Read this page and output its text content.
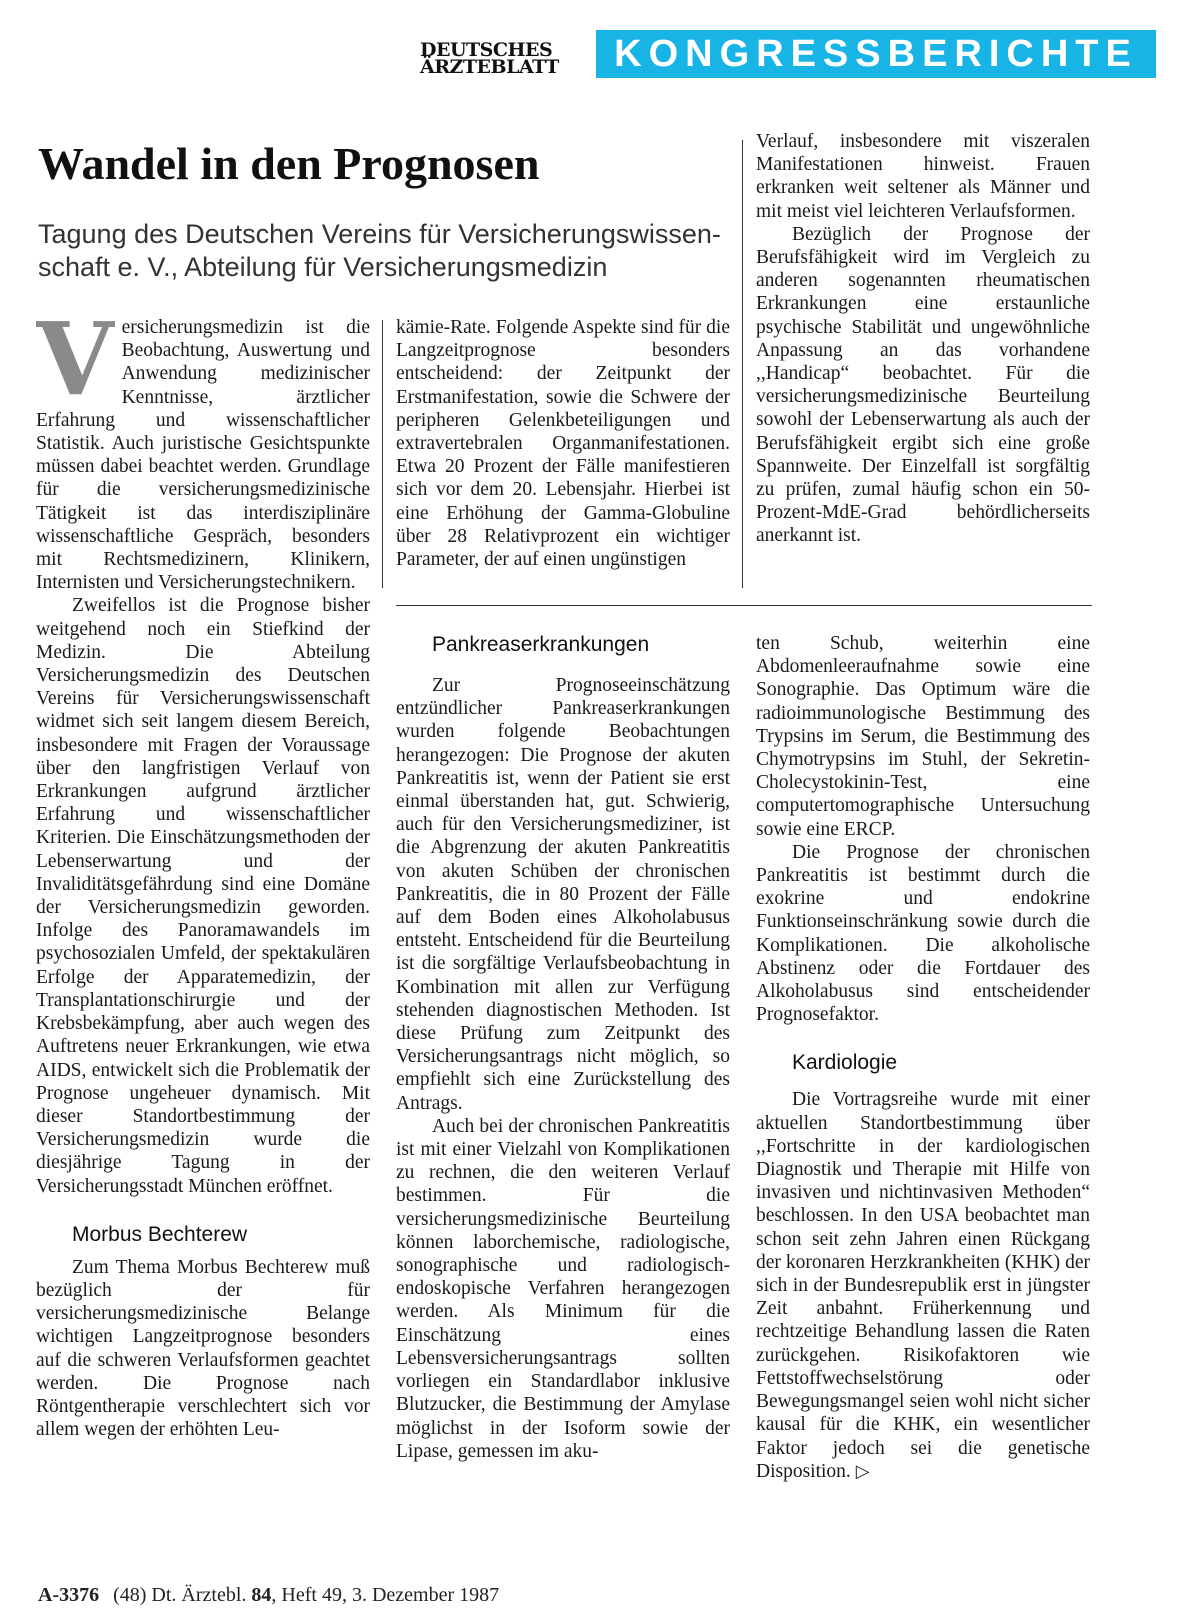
DEUTSCHES
ÄRZTEBLATT	KONGRESSBERICHTE
Wandel in den Prognosen
Tagung des Deutschen Vereins für Versicherungswissen-schaft e. V., Abteilung für Versicherungsmedizin

Versicherungsmedizin ist die Beobachtung, Auswertung und Anwendung medizinischer Kenntnisse, ärztlicher Erfahrung und wissenschaftlicher Statistik. Auch juristische Gesichtspunkte müssen dabei beachtet werden. Grundlage für die versicherungsmedizinische Tätigkeit ist das interdisziplinäre wissenschaftliche Gespräch, besonders mit Rechtsmedizinern, Klinikern, Internisten und Versicherungstechnikern.

Zweifellos ist die Prognose bisher weitgehend noch ein Stiefkind der Medizin. Die Abteilung Versicherungsmedizin des Deutschen Vereins für Versicherungswissenschaft widmet sich seit langem diesem Bereich, insbesondere mit Fragen der Voraussage über den langfristigen Verlauf von Erkrankungen aufgrund ärztlicher Erfahrung und wissenschaftlicher Kriterien. Die Einschätzungsmethoden der Lebenserwartung und der Invaliditätsgefährdung sind eine Domäne der Versicherungsmedizin geworden. Infolge des Panoramawandels im psychosozialen Umfeld, der spektakulären Erfolge der Apparatemedizin, der Transplantationschirurgie und der Krebsbekämpfung, aber auch wegen des Auftretens neuer Erkrankungen, wie etwa AIDS, entwickelt sich die Problematik der Prognose ungeheuer dynamisch. Mit dieser Standortbestimmung der Versicherungsmedizin wurde die diesjährige Tagung in der Versicherungsstadt München eröffnet.

Morbus Bechterew

Zum Thema Morbus Bechterew muß bezüglich der für versicherungsmedizinische Belange wichtigen Langzeitprognose besonders auf die schweren Verlaufsformen geachtet werden. Die Prognose nach Röntgentherapie verschlechtert sich vor allem wegen der erhöhten Leu-

kämie-Rate. Folgende Aspekte sind für die Langzeitprognose besonders entscheidend: der Zeitpunkt der Erstmanifestation, sowie die Schwere der peripheren Gelenkbeteiligungen und extravertebralen Organmanifestationen. Etwa 20 Prozent der Fälle manifestieren sich vor dem 20. Lebensjahr. Hierbei ist eine Erhöhung der Gamma-Globuline über 28 Relativprozent ein wichtiger Parameter, der auf einen ungünstigen

Verlauf, insbesondere mit viszeralen Manifestationen hinweist. Frauen erkranken weit seltener als Männer und mit meist viel leichteren Verlaufsformen.

Bezüglich der Prognose der Berufsfähigkeit wird im Vergleich zu anderen sogenannten rheumatischen Erkrankungen eine erstaunliche psychische Stabilität und ungewöhnliche Anpassung an das vorhandene ,,Handicap“ beobachtet. Für die versicherungsmedizinische Beurteilung sowohl der Lebenserwartung als auch der Berufsfähigkeit ergibt sich eine große Spannweite. Der Einzelfall ist sorgfältig zu prüfen, zumal häufig schon ein 50-Prozent-MdE-Grad behördlicherseits anerkannt ist.

Pankreaserkrankungen

Zur Prognoseeinschätzung entzündlicher Pankreaserkrankungen wurden folgende Beobachtungen herangezogen: Die Prognose der akuten Pankreatitis ist, wenn der Patient sie erst einmal überstanden hat, gut. Schwierig, auch für den Versicherungsmediziner, ist die Abgrenzung der akuten Pankreatitis von akuten Schüben der chronischen Pankreatitis, die in 80 Prozent der Fälle auf dem Boden eines Alkoholabusus entsteht. Entscheidend für die Beurteilung ist die sorgfältige Verlaufsbeobachtung in Kombination mit allen zur Verfügung stehenden diagnostischen Methoden. Ist diese Prüfung zum Zeitpunkt des Versicherungsantrags nicht möglich, so empfiehlt sich eine Zurückstellung des Antrags.

Auch bei der chronischen Pankreatitis ist mit einer Vielzahl von Komplikationen zu rechnen, die den weiteren Verlauf bestimmen. Für die versicherungsmedizinische Beurteilung können laborchemische, radiologische, sonographische und radiologisch-endoskopische Verfahren herangezogen werden. Als Minimum für die Einschätzung eines Lebensversicherungsantrags sollten vorliegen ein Standardlabor inklusive Blutzucker, die Bestimmung der Amylase möglichst in der Isoform sowie der Lipase, gemessen im aku-

ten Schub, weiterhin eine Abdomenleeraufnahme sowie eine Sonographie. Das Optimum wäre die radioimmunologische Bestimmung des Trypsins im Serum, die Bestimmung des Chymotrypsins im Stuhl, der Sekretin-Cholecystokinin-Test, eine computertomographische Untersuchung sowie eine ERCP.

Die Prognose der chronischen Pankreatitis ist bestimmt durch die exokrine und endokrine Funktionseinschränkung sowie durch die Komplikationen. Die alkoholische Abstinenz oder die Fortdauer des Alkoholabusus sind entscheidender Prognosefaktor.

Kardiologie

Die Vortragsreihe wurde mit einer aktuellen Standortbestimmung über ,,Fortschritte in der kardiologischen Diagnostik und Therapie mit Hilfe von invasiven und nichtinvasiven Methoden“ beschlossen. In den USA beobachtet man schon seit zehn Jahren einen Rückgang der koronaren Herzkrankheiten (KHK) der sich in der Bundesrepublik erst in jüngster Zeit anbahnt. Früherkennung und rechtzeitige Behandlung lassen die Raten zurückgehen. Risikofaktoren wie Fettstoffwechselstörung oder Bewegungsmangel seien wohl nicht sicher kausal für die KHK, ein wesentlicher Faktor jedoch sei die genetische Disposition. ▷

A-3376 (48) Dt. Ärztebl. 84, Heft 49, 3. Dezember 1987
